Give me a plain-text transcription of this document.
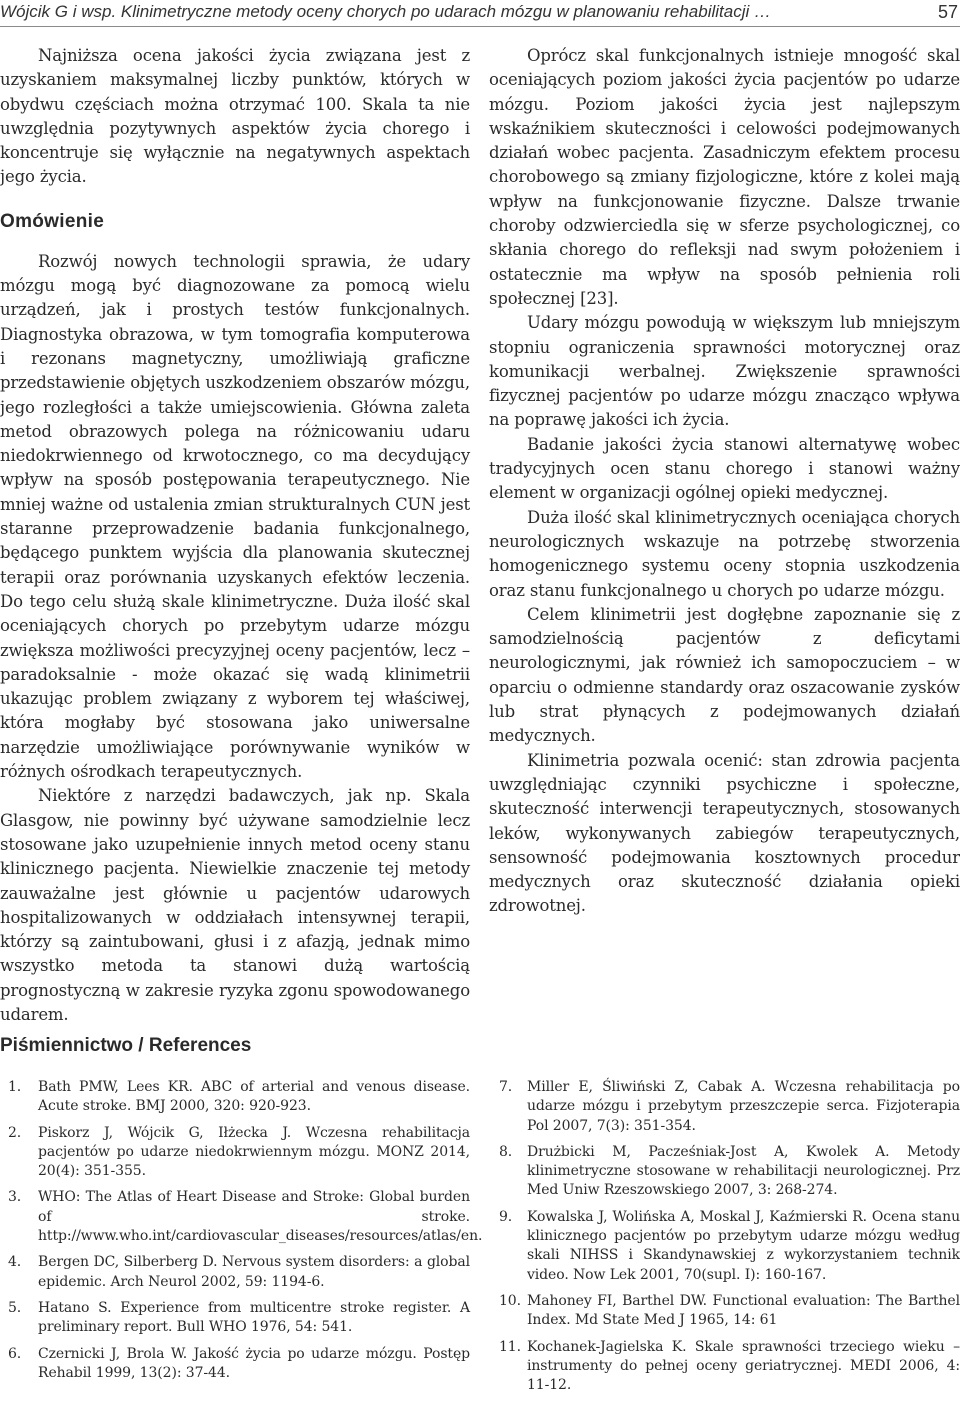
Wójcik G i wsp. Klinimetryczne metody oceny chorych po udarach mózgu w planowaniu rehabilitacji …	57

Najniższa ocena jakości życia związana jest z uzyskaniem maksymalnej liczby punktów, których w obydwu częściach można otrzymać 100. Skala ta nie uwzględnia pozytywnych aspektów życia chorego i koncentruje się wyłącznie na negatywnych aspektach jego życia.

Omówienie

Rozwój nowych technologii sprawia, że udary mózgu mogą być diagnozowane za pomocą wielu urządzeń, jak i prostych testów funkcjonalnych. Diagnostyka obrazowa, w tym tomografia komputerowa i rezonans magnetyczny, umożliwiają graficzne przedstawienie objętych uszkodzeniem obszarów mózgu, jego rozległości a także umiejscowienia. Główna zaleta metod obrazowych polega na różnicowaniu udaru niedokrwiennego od krwotocznego, co ma decydujący wpływ na sposób postępowania terapeutycznego. Nie mniej ważne od ustalenia zmian strukturalnych CUN jest staranne przeprowadzenie badania funkcjonalnego, będącego punktem wyjścia dla planowania skutecznej terapii oraz porównania uzyskanych efektów leczenia. Do tego celu służą skale klinimetryczne. Duża ilość skal oceniających chorych po przebytym udarze mózgu zwiększa możliwości precyzyjnej oceny pacjentów, lecz – paradoksalnie - może okazać się wadą klinimetrii ukazując problem związany z wyborem tej właściwej, która mogłaby być stosowana jako uniwersalne narzędzie umożliwiające porównywanie wyników w różnych ośrodkach terapeutycznych.

Niektóre z narzędzi badawczych, jak np. Skala Glasgow, nie powinny być używane samodzielnie lecz stosowane jako uzupełnienie innych metod oceny stanu klinicznego pacjenta. Niewielkie znaczenie tej metody zauważalne jest głównie u pacjentów udarowych hospitalizowanych w oddziałach intensywnej terapii, którzy są zaintubowani, głusi i z afazją, jednak mimo wszystko metoda ta stanowi dużą wartością prognostyczną w zakresie ryzyka zgonu spowodowanego udarem.

Oprócz skal funkcjonalnych istnieje mnogość skal oceniających poziom jakości życia pacjentów po udarze mózgu. Poziom jakości życia jest najlepszym wskaźnikiem skuteczności i celowości podejmowanych działań wobec pacjenta. Zasadniczym efektem procesu chorobowego są zmiany fizjologiczne, które z kolei mają wpływ na funkcjonowanie fizyczne. Dalsze trwanie choroby odzwierciedla się w sferze psychologicznej, co skłania chorego do refleksji nad swym położeniem i ostatecznie ma wpływ na sposób pełnienia roli społecznej [23].

Udary mózgu powodują w większym lub mniejszym stopniu ograniczenia sprawności motorycznej oraz komunikacji werbalnej. Zwiększenie sprawności fizycznej pacjentów po udarze mózgu znacząco wpływa na poprawę jakości ich życia.

Badanie jakości życia stanowi alternatywę wobec tradycyjnych ocen stanu chorego i stanowi ważny element w organizacji ogólnej opieki medycznej.

Duża ilość skal klinimetrycznych oceniająca chorych neurologicznych wskazuje na potrzebę stworzenia homogenicznego systemu oceny stopnia uszkodzenia oraz stanu funkcjonalnego u chorych po udarze mózgu.

Celem klinimetrii jest dogłębne zapoznanie się z samodzielnością pacjentów z deficytami neurologicznymi, jak również ich samopoczuciem – w oparciu o odmienne standardy oraz oszacowanie zysków lub strat płynących z podejmowanych działań medycznych.

Klinimetria pozwala ocenić: stan zdrowia pacjenta uwzględniając czynniki psychiczne i społeczne, skuteczność interwencji terapeutycznych, stosowanych leków, wykonywanych zabiegów terapeutycznych, sensowność podejmowania kosztownych procedur medycznych oraz skuteczność działania opieki zdrowotnej.

Piśmiennictwo / References
1. Bath PMW, Lees KR. ABC of arterial and venous disease. Acute stroke. BMJ 2000, 320: 920-923.
2. Piskorz J, Wójcik G, Iłżecka J. Wczesna rehabilitacja pacjentów po udarze niedokrwiennym mózgu. MONZ 2014, 20(4): 351-355.
3. WHO: The Atlas of Heart Disease and Stroke: Global burden of stroke. http://www.who.int/cardiovascular_diseases/resources/atlas/en.
4. Bergen DC, Silberberg D. Nervous system disorders: a global epidemic. Arch Neurol 2002, 59: 1194-6.
5. Hatano S. Experience from multicentre stroke register. A preliminary report. Bull WHO 1976, 54: 541.
6. Czernicki J, Brola W. Jakość życia po udarze mózgu. Postęp Rehabil 1999, 13(2): 37-44.
7. Miller E, Śliwiński Z, Cabak A. Wczesna rehabilitacja po udarze mózgu i przebytym przeszczepie serca. Fizjoterapia Pol 2007, 7(3): 351-354.
8. Drużbicki M, Pacześniak-Jost A, Kwolek A. Metody klinimetryczne stosowane w rehabilitacji neurologicznej. Prz Med Uniw Rzeszowskiego 2007, 3: 268-274.
9. Kowalska J, Wolińska A, Moskal J, Kaźmierski R. Ocena stanu klinicznego pacjentów po przebytym udarze mózgu według skali NIHSS i Skandynawskiej z wykorzystaniem technik video. Now Lek 2001, 70(supl. I): 160-167.
10. Mahoney FI, Barthel DW. Functional evaluation: The Barthel Index. Md State Med J 1965, 14: 61
11. Kochanek-Jagielska K. Skale sprawności trzeciego wieku – instrumenty do pełnej oceny geriatrycznej. MEDI 2006, 4: 11-12.
